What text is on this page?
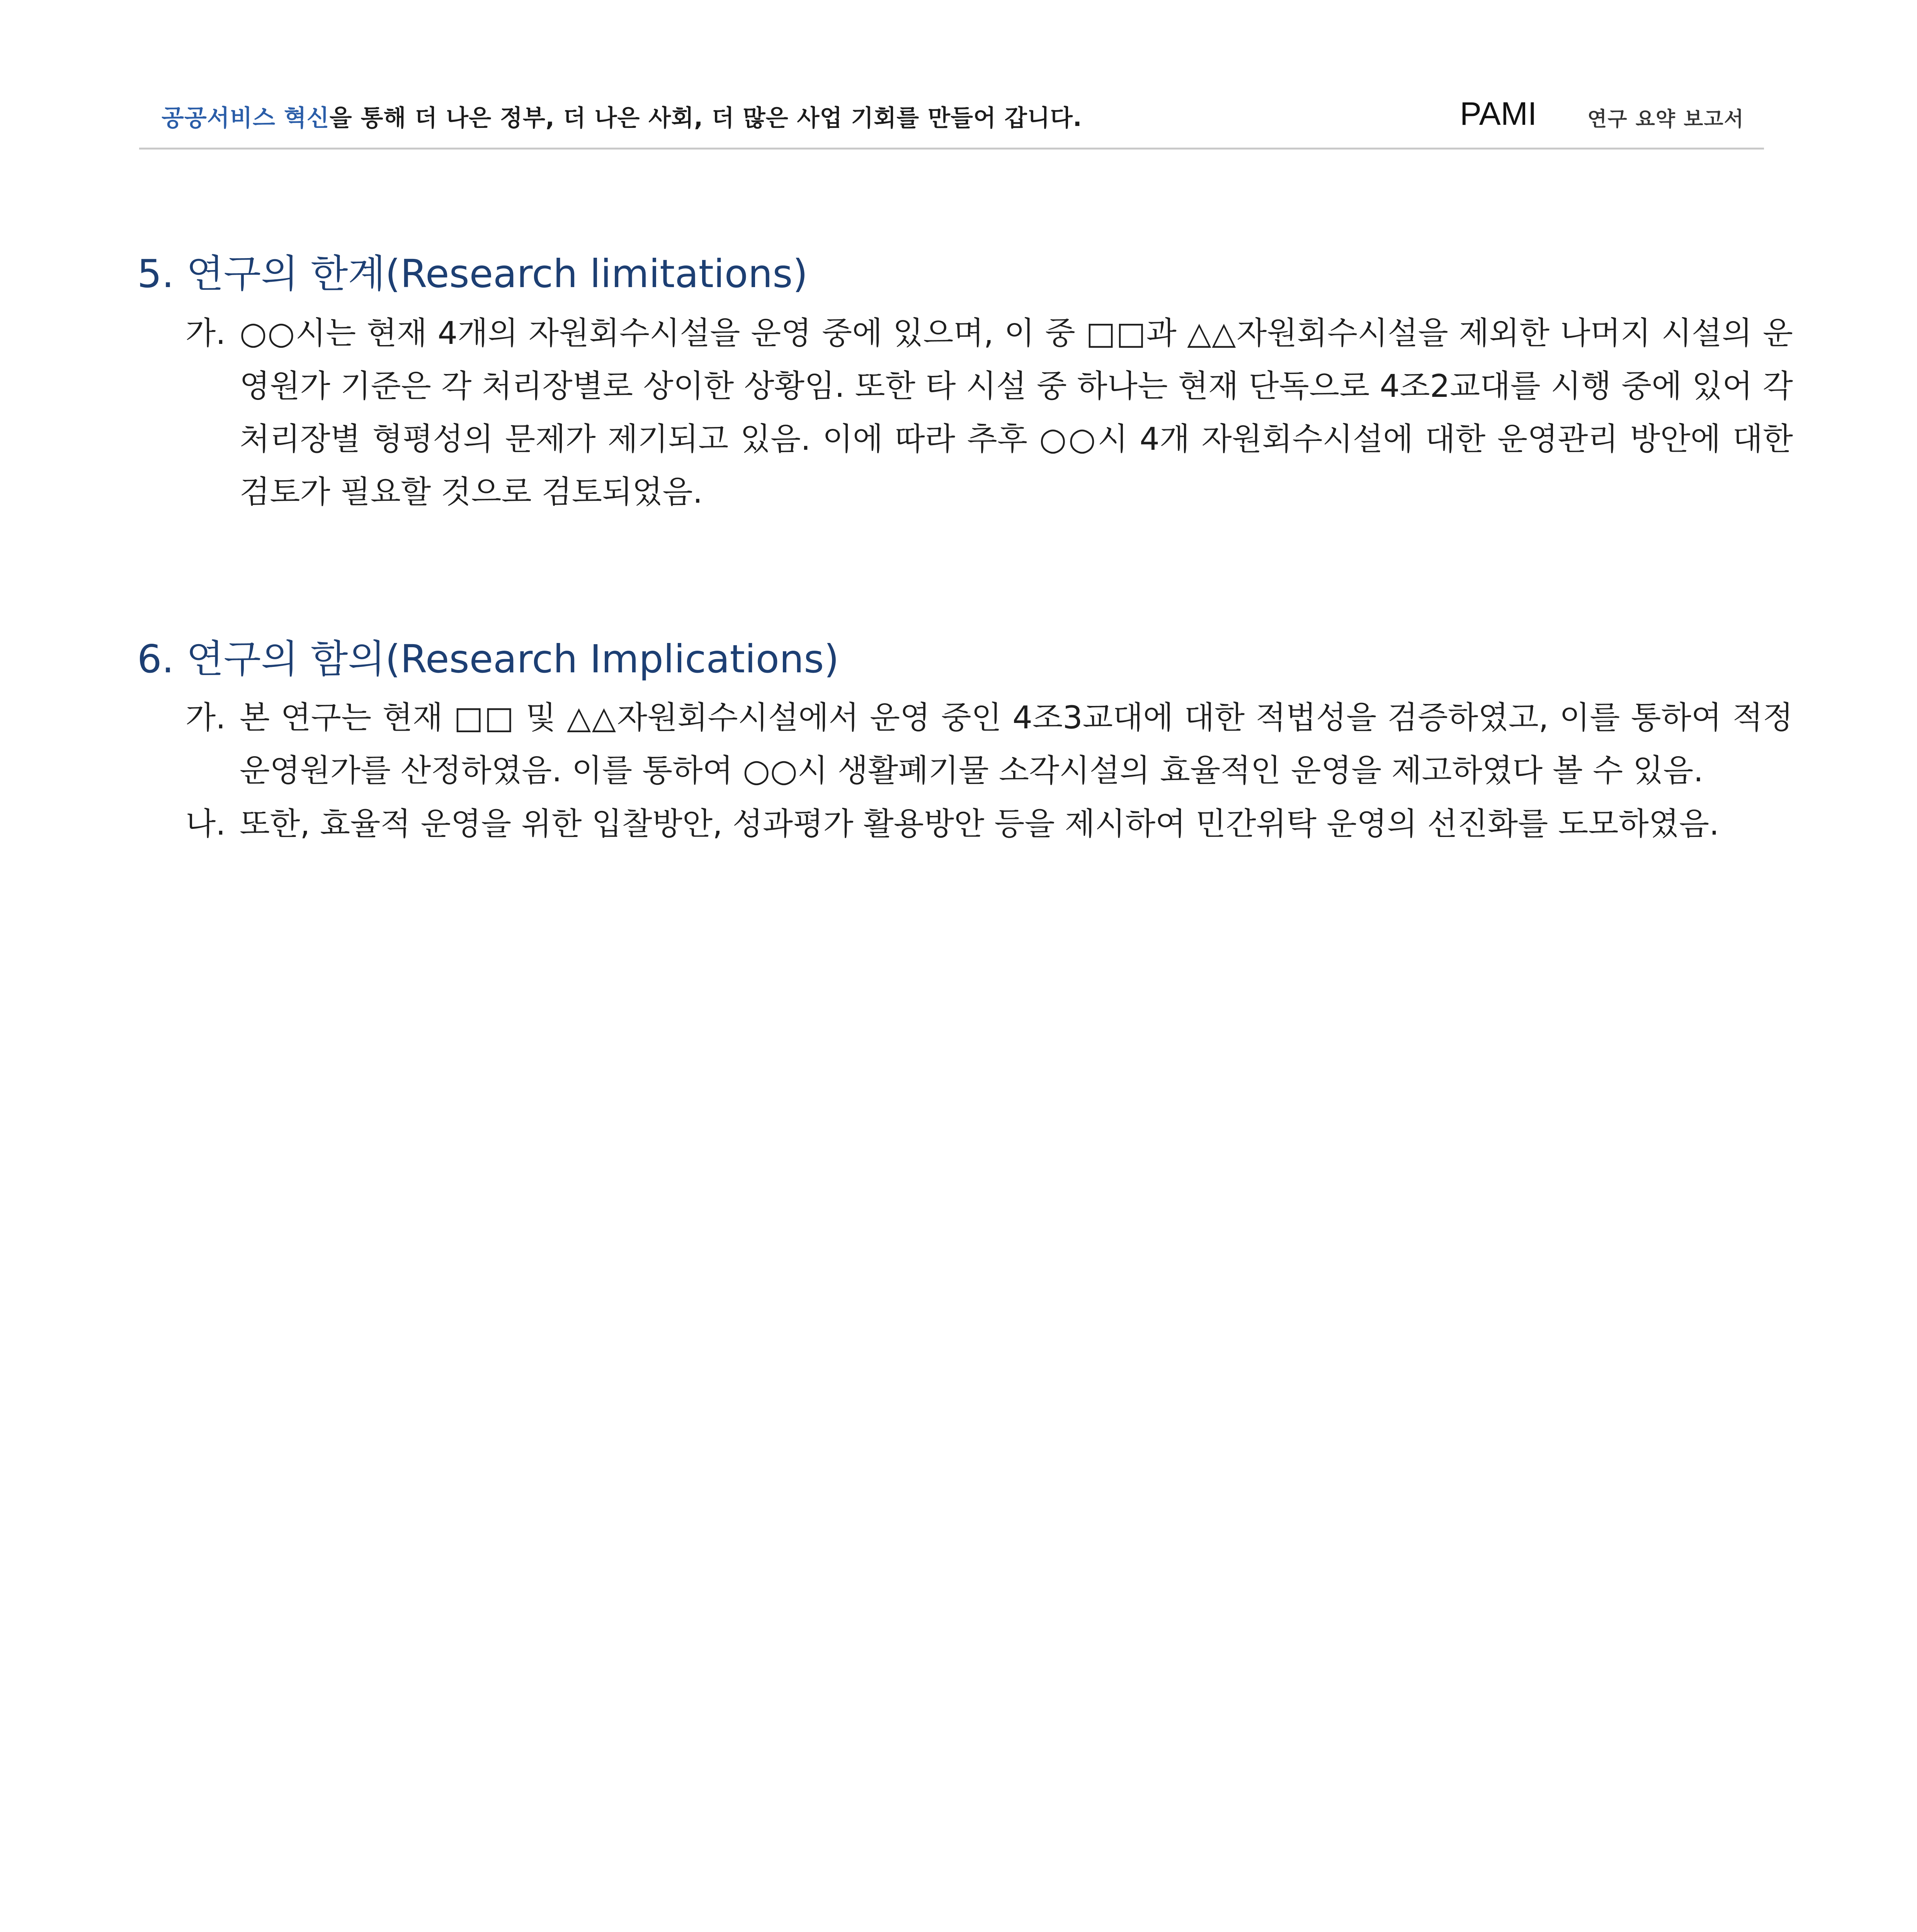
공공서비스 혁신을 통해 더 나은 정부, 더 나은 사회, 더 많은 사업 기회를 만들어 갑니다.	PAMI	연구 요약 보고서
5. 연구의 한계(Research limitations)
가. ○○시는 현재 4개의 자원회수시설을 운영 중에 있으며, 이 중 □□과 △△자원회수시설을 제외한 나머지 시설의 운영원가 기준은 각 처리장별로 상이한 상황임. 또한 타 시설 중 하나는 현재 단독으로 4조2교대를 시행 중에 있어 각 처리장별 형평성의 문제가 제기되고 있음. 이에 따라 추후 ○○시 4개 자원회수시설에 대한 운영관리 방안에 대한 검토가 필요할 것으로 검토되었음.
6. 연구의 함의(Research Implications)
가. 본 연구는 현재 □□ 및 △△자원회수시설에서 운영 중인 4조3교대에 대한 적법성을 검증하였고, 이를 통하여 적정 운영원가를 산정하였음. 이를 통하여 ○○시 생활폐기물 소각시설의 효율적인 운영을 제고하였다 볼 수 있음.
나. 또한, 효율적 운영을 위한 입찰방안, 성과평가 활용방안 등을 제시하여 민간위탁 운영의 선진화를 도모하였음.
